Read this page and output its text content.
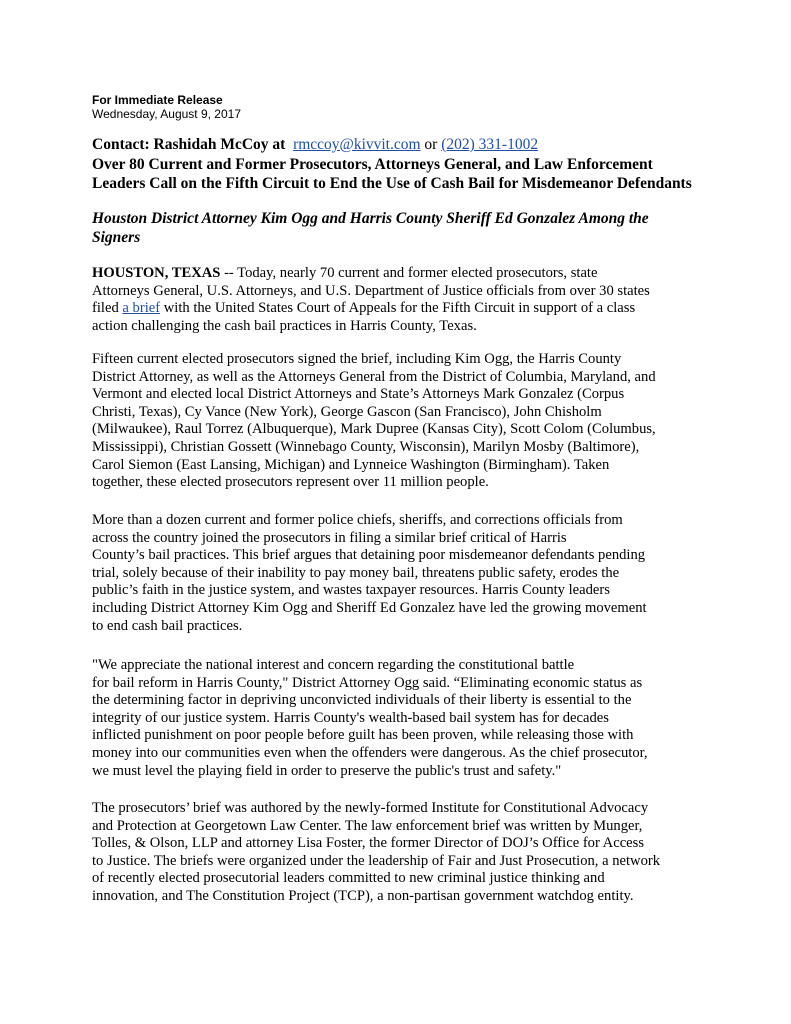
For Immediate Release
Wednesday, August 9, 2017
Contact: Rashidah McCoy at rmccoy@kivvit.com or (202) 331-1002
Over 80 Current and Former Prosecutors, Attorneys General, and Law Enforcement
Leaders Call on the Fifth Circuit to End the Use of Cash Bail for Misdemeanor Defendants
Houston District Attorney Kim Ogg and Harris County Sheriff Ed Gonzalez Among the
Signers
HOUSTON, TEXAS -- Today, nearly 70 current and former elected prosecutors, state
Attorneys General, U.S. Attorneys, and U.S. Department of Justice officials from over 30 states
filed a brief with the United States Court of Appeals for the Fifth Circuit in support of a class
action challenging the cash bail practices in Harris County, Texas.
Fifteen current elected prosecutors signed the brief, including Kim Ogg, the Harris County
District Attorney, as well as the Attorneys General from the District of Columbia, Maryland, and
Vermont and elected local District Attorneys and State’s Attorneys Mark Gonzalez (Corpus
Christi, Texas), Cy Vance (New York), George Gascon (San Francisco), John Chisholm
(Milwaukee), Raul Torrez (Albuquerque), Mark Dupree (Kansas City), Scott Colom (Columbus,
Mississippi), Christian Gossett (Winnebago County, Wisconsin), Marilyn Mosby (Baltimore),
Carol Siemon (East Lansing, Michigan) and Lynneice Washington (Birmingham). Taken
together, these elected prosecutors represent over 11 million people.
More than a dozen current and former police chiefs, sheriffs, and corrections officials from
across the country joined the prosecutors in filing a similar brief critical of Harris
County’s bail practices. This brief argues that detaining poor misdemeanor defendants pending
trial, solely because of their inability to pay money bail, threatens public safety, erodes the
public’s faith in the justice system, and wastes taxpayer resources. Harris County leaders
including District Attorney Kim Ogg and Sheriff Ed Gonzalez have led the growing movement
to end cash bail practices.
"We appreciate the national interest and concern regarding the constitutional battle
for bail reform in Harris County," District Attorney Ogg said. “Eliminating economic status as
the determining factor in depriving unconvicted individuals of their liberty is essential to the
integrity of our justice system. Harris County's wealth-based bail system has for decades
inflicted punishment on poor people before guilt has been proven, while releasing those with
money into our communities even when the offenders were dangerous. As the chief prosecutor,
we must level the playing field in order to preserve the public's trust and safety."
The prosecutors’ brief was authored by the newly-formed Institute for Constitutional Advocacy
and Protection at Georgetown Law Center. The law enforcement brief was written by Munger,
Tolles, & Olson, LLP and attorney Lisa Foster, the former Director of DOJ’s Office for Access
to Justice. The briefs were organized under the leadership of Fair and Just Prosecution, a network
of recently elected prosecutorial leaders committed to new criminal justice thinking and
innovation, and The Constitution Project (TCP), a non-partisan government watchdog entity.
